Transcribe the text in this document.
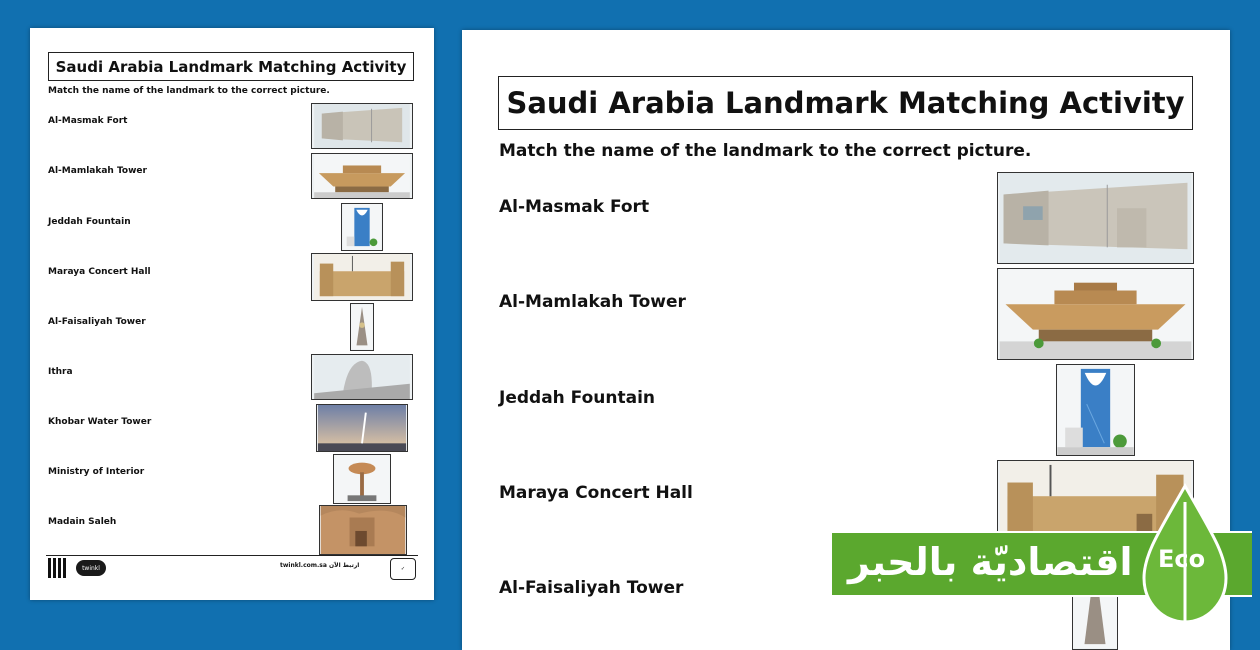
Saudi Arabia Landmark Matching Activity
Match the name of the landmark to the correct picture.
Al-Masmak Fort
Al-Mamlakah Tower
Jeddah Fountain
Maraya Concert Hall
Al-Faisaliyah Tower
Ithra
Khobar Water Tower
Ministry of Interior
Madain Saleh
twinkl	twinkl.com.sa ارتبط الآن	✓
Saudi Arabia Landmark Matching Activity
Match the name of the landmark to the correct picture.
Al-Masmak Fort
Al-Mamlakah Tower
Jeddah Fountain
Maraya Concert Hall
Al-Faisaliyah Tower
اقتصاديّة بالحبر Eco
